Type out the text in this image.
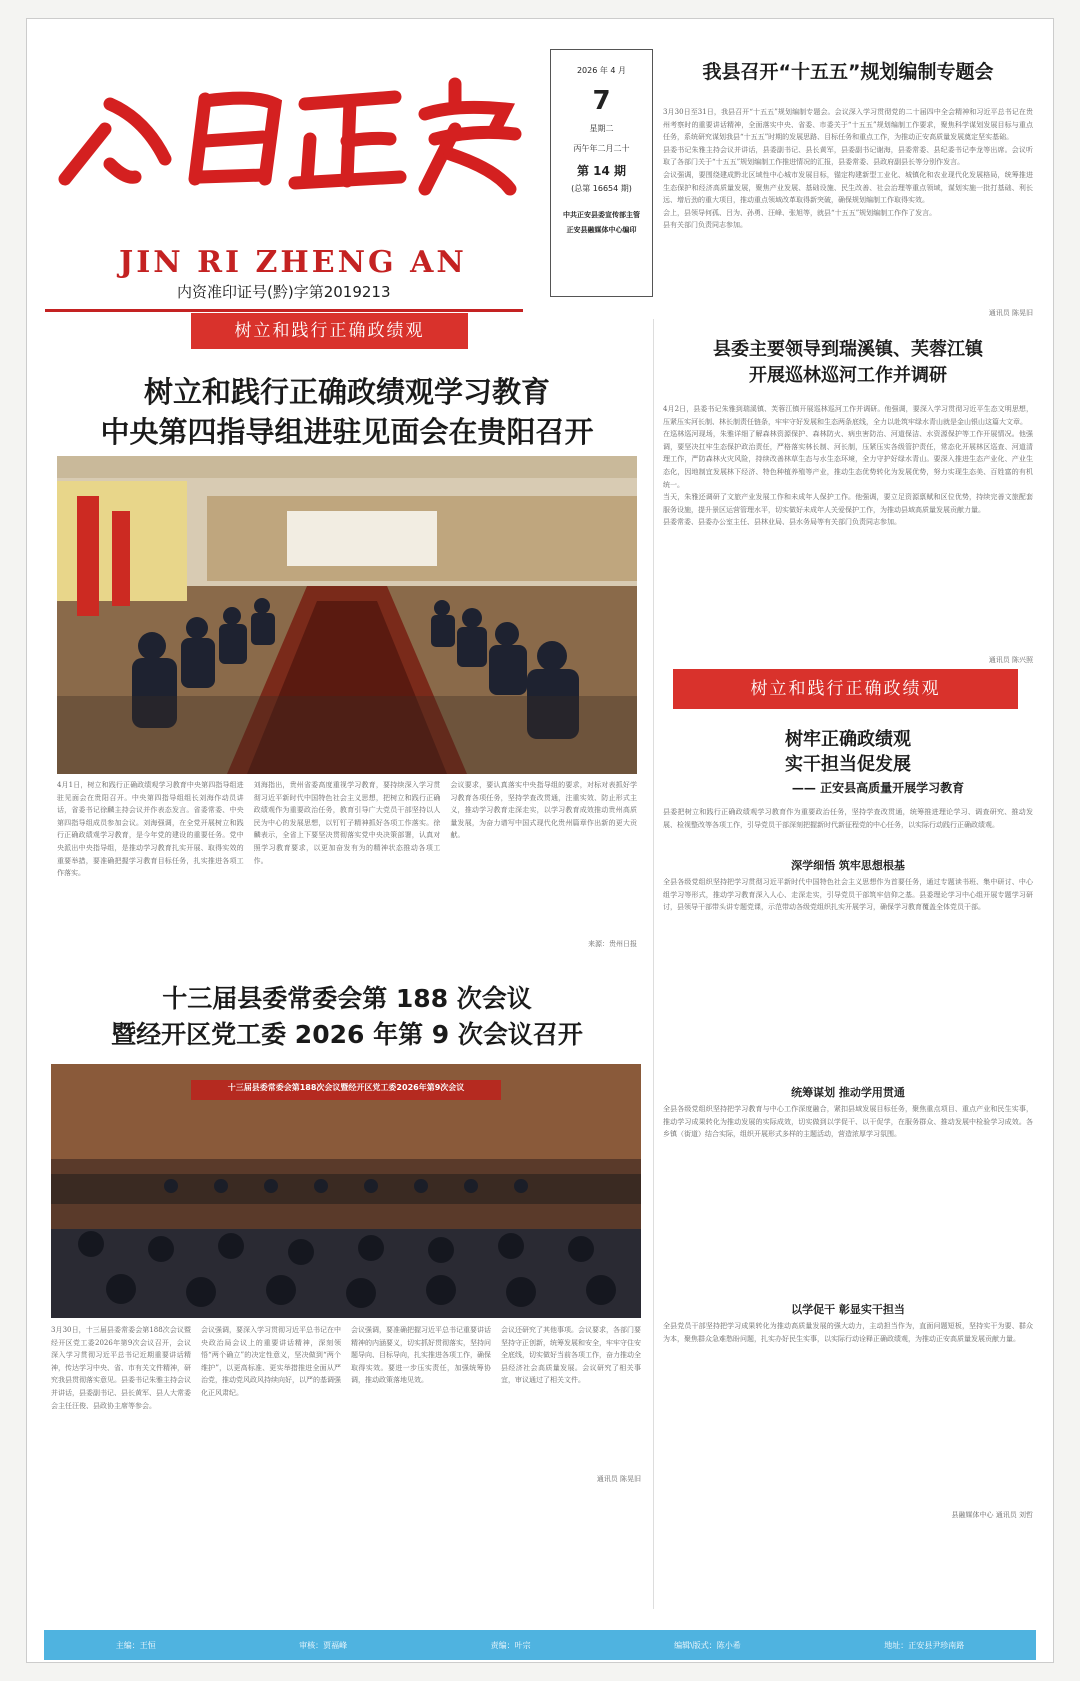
JIN RI ZHENG AN
内资准印证号(黔)字第2019213
2026 年 4 月
7
星期二
丙午年二月二十
第 14 期
(总第 16654 期)
中共正安县委宣传部主管
正安县融媒体中心编印
我县召开“十五五”规划编制专题会

3月30日至31日，我县召开“十五五”规划编制专题会。会议深入学习贯彻党的二十届四中全会精神和习近平总书记在贵州考察时的重要讲话精神，全面落实中央、省委、市委关于“十五五”规划编制工作要求，聚焦科学谋划发展目标与重点任务，系统研究谋划我县“十五五”时期的发展思路、目标任务和重点工作，为推动正安高质量发展奠定坚实基础。

县委书记朱雅主持会议并讲话，县委副书记、县长黄军，县委副书记谢海，县委常委、县纪委书记李龙等出席。会议听取了各部门关于“十五五”规划编制工作推进情况的汇报，县委常委、县政府副县长等分别作发言。

会议强调，要围绕建成黔北区域性中心城市发展目标，锚定构建新型工业化、城镇化和农业现代化发展格局，统筹推进生态保护和经济高质量发展，聚焦产业发展、基础设施、民生改善、社会治理等重点领域，谋划实施一批打基础、利长远、增后劲的重大项目，推动重点领域改革取得新突破，确保规划编制工作取得实效。

会上，县领导何孤、吕为、孙勇、汪峰、张旭等，就县“十五五”规划编制工作作了发言。

县有关部门负责同志参加。

通讯员 陈晃旧
树立和践行正确政绩观
树立和践行正确政绩观学习教育
中央第四指导组进驻见面会在贵阳召开
4月1日，树立和践行正确政绩观学习教育中央第四指导组进驻见面会在贵阳召开。中央第四指导组组长刘海作动员讲话，省委书记徐麟主持会议并作表态发言。省委常委、中央第四指导组成员参加会议。刘海强调，在全党开展树立和践行正确政绩观学习教育，是今年党的建设的重要任务。党中央派出中央指导组，是推动学习教育扎实开展、取得实效的重要举措，要准确把握学习教育目标任务，扎实推进各项工作落实。
刘海指出，贵州省委高度重视学习教育，要持续深入学习贯彻习近平新时代中国特色社会主义思想，把树立和践行正确政绩观作为重要政治任务，教育引导广大党员干部坚持以人民为中心的发展思想，以钉钉子精神抓好各项工作落实。徐麟表示，全省上下要坚决贯彻落实党中央决策部署，认真对照学习教育要求，以更加奋发有为的精神状态推动各项工作。
会议要求，要认真落实中央指导组的要求，对标对表抓好学习教育各项任务，坚持学查改贯通，注重实效、防止形式主义，推动学习教育走深走实，以学习教育成效推动贵州高质量发展，为奋力谱写中国式现代化贵州篇章作出新的更大贡献。
来源：贵州日报
十三届县委常委会第 188 次会议
暨经开区党工委 2026 年第 9 次会议召开
十三届县委常委会第188次会议暨经开区党工委2026年第9次会议
3月30日，十三届县委常委会第188次会议暨经开区党工委2026年第9次会议召开，会议深入学习贯彻习近平总书记近期重要讲话精神，传达学习中央、省、市有关文件精神，研究我县贯彻落实意见。县委书记朱雅主持会议并讲话，县委副书记、县长黄军、县人大常委会主任汪俊、县政协主席等参会。
会议强调，要深入学习贯彻习近平总书记在中央政治局会议上的重要讲话精神，深刻领悟“两个确立”的决定性意义，坚决做到“两个维护”，以更高标准、更实举措推进全面从严治党，推动党风政风持续向好，以严的基调强化正风肃纪。
会议强调，要准确把握习近平总书记重要讲话精神的内涵要义，切实抓好贯彻落实，坚持问题导向、目标导向，扎实推进各项工作，确保取得实效。要进一步压实责任，加强统筹协调，推动政策落地见效。
会议还研究了其他事项。会议要求，各部门要坚持守正创新，统筹发展和安全，牢牢守住安全底线，切实做好当前各项工作，奋力推动全县经济社会高质量发展。会议研究了相关事宜，审议通过了相关文件。
通讯员 陈晃旧
县委主要领导到瑞溪镇、芙蓉江镇
开展巡林巡河工作并调研

4月2日，县委书记朱雅到瑞溪镇、芙蓉江镇开展巡林巡河工作并调研。他强调，要深入学习贯彻习近平生态文明思想，压紧压实河长制、林长制责任链条，牢牢守好发展和生态两条底线，全力以赴筑牢绿水青山就是金山银山这篇大文章。

在巡林巡河现场，朱雅详细了解森林资源保护、森林防火、病虫害防治、河道保洁、水资源保护等工作开展情况。他强调，要坚决扛牢生态保护政治责任，严格落实林长制、河长制，压紧压实各级管护责任，常态化开展林区巡查、河道清理工作，严防森林火灾风险，持续改善林草生态与水生态环境，全力守护好绿水青山。要深入推进生态产业化、产业生态化，因地制宜发展林下经济、特色种植养殖等产业，推动生态优势转化为发展优势，努力实现生态美、百姓富的有机统一。

当天，朱雅还调研了文旅产业发展工作和未成年人保护工作。他强调，要立足资源禀赋和区位优势，持续完善文旅配套服务设施，提升景区运营管理水平，切实做好未成年人关爱保护工作，为推动县域高质量发展贡献力量。

县委常委、县委办公室主任、县林业局、县水务局等有关部门负责同志参加。

通讯员 陈兴照
树立和践行正确政绩观
树牢正确政绩观
实干担当促发展
—— 正安县高质量开展学习教育
县委把树立和践行正确政绩观学习教育作为重要政治任务，坚持学查改贯通，统筹推进理论学习、调查研究、推动发展、检视整改等各项工作，引导党员干部深刻把握新时代新征程党的中心任务，以实际行动践行正确政绩观。
深学细悟 筑牢思想根基
全县各级党组织坚持把学习贯彻习近平新时代中国特色社会主义思想作为首要任务，通过专题读书班、集中研讨、中心组学习等形式，推动学习教育深入人心、走深走实，引导党员干部筑牢信仰之基。县委理论学习中心组开展专题学习研讨，县领导干部带头讲专题党课，示范带动各级党组织扎实开展学习，确保学习教育覆盖全体党员干部。
统筹谋划 推动学用贯通
全县各级党组织坚持把学习教育与中心工作深度融合，紧扣县域发展目标任务，聚焦重点项目、重点产业和民生实事，推动学习成果转化为推动发展的实际成效，切实做到以学促干、以干促学，在服务群众、推动发展中检验学习成效。各乡镇（街道）结合实际，组织开展形式多样的主题活动，营造浓厚学习氛围。
以学促干 彰显实干担当
全县党员干部坚持把学习成果转化为推动高质量发展的强大动力，主动担当作为，直面问题短板，坚持实干为要、群众为本，聚焦群众急难愁盼问题，扎实办好民生实事，以实际行动诠释正确政绩观，为推动正安高质量发展贡献力量。
县融媒体中心 通讯员 刘哲
主编：王恒	审核：贾福峰	责编：叶宗	编辑\版式：陈小希	地址：正安县尹珍南路
